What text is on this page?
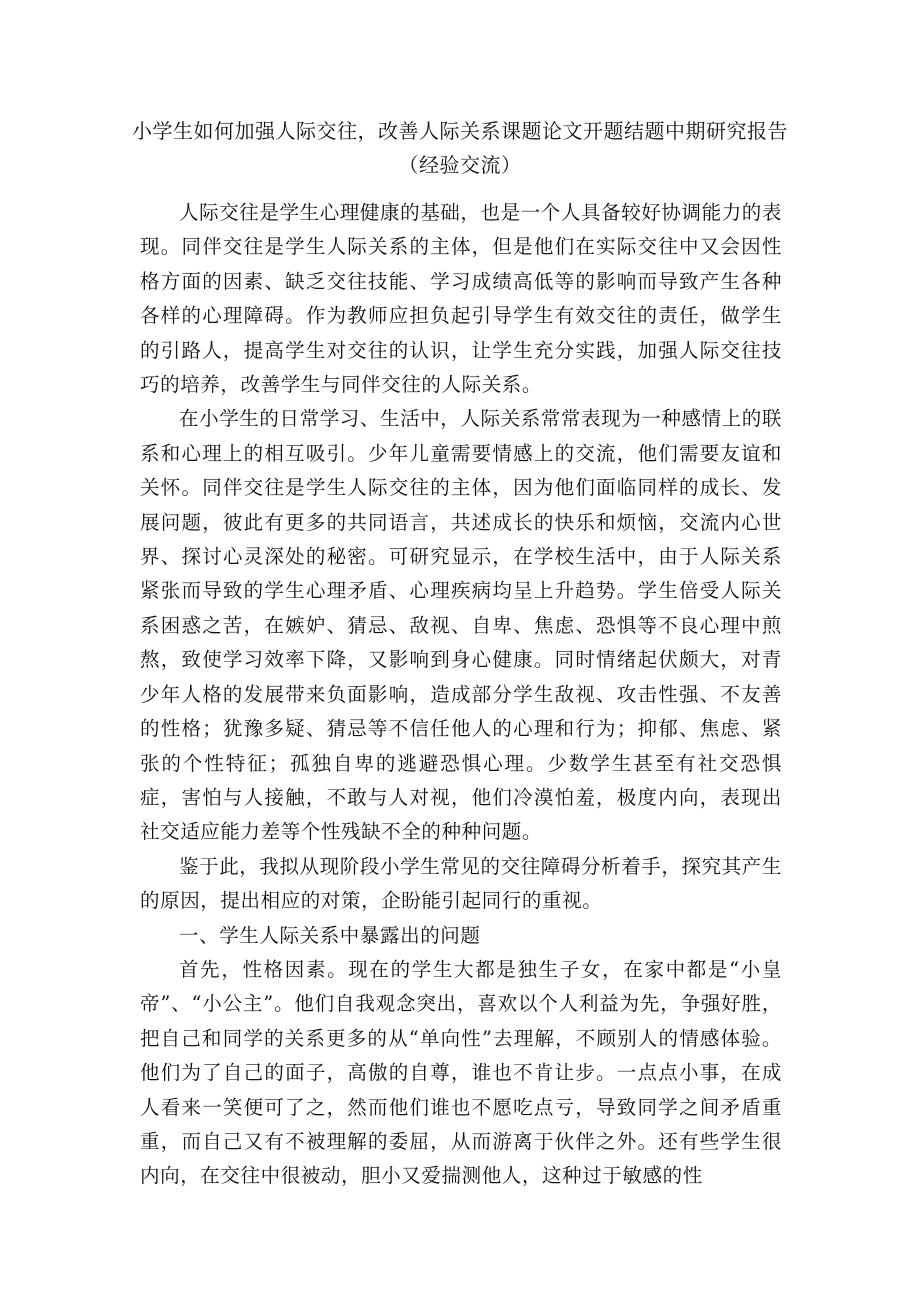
小学生如何加强人际交往，改善人际关系课题论文开题结题中期研究报告（经验交流）

人际交往是学生心理健康的基础，也是一个人具备较好协调能力的表现。同伴交往是学生人际关系的主体，但是他们在实际交往中又会因性格方面的因素、缺乏交往技能、学习成绩高低等的影响而导致产生各种各样的心理障碍。作为教师应担负起引导学生有效交往的责任，做学生的引路人，提高学生对交往的认识，让学生充分实践，加强人际交往技巧的培养，改善学生与同伴交往的人际关系。

在小学生的日常学习、生活中，人际关系常常表现为一种感情上的联系和心理上的相互吸引。少年儿童需要情感上的交流，他们需要友谊和关怀。同伴交往是学生人际交往的主体，因为他们面临同样的成长、发展问题，彼此有更多的共同语言，共述成长的快乐和烦恼，交流内心世界、探讨心灵深处的秘密。可研究显示，在学校生活中，由于人际关系紧张而导致的学生心理矛盾、心理疾病均呈上升趋势。学生倍受人际关系困惑之苦，在嫉妒、猜忌、敌视、自卑、焦虑、恐惧等不良心理中煎熬，致使学习效率下降，又影响到身心健康。同时情绪起伏颇大，对青少年人格的发展带来负面影响，造成部分学生敌视、攻击性强、不友善的性格；犹豫多疑、猜忌等不信任他人的心理和行为；抑郁、焦虑、紧张的个性特征；孤独自卑的逃避恐惧心理。少数学生甚至有社交恐惧症，害怕与人接触，不敢与人对视，他们冷漠怕羞，极度内向，表现出社交适应能力差等个性残缺不全的种种问题。

鉴于此，我拟从现阶段小学生常见的交往障碍分析着手，探究其产生的原因，提出相应的对策，企盼能引起同行的重视。

一、学生人际关系中暴露出的问题

首先，性格因素。现在的学生大都是独生子女，在家中都是“小皇帝”、“小公主”。他们自我观念突出，喜欢以个人利益为先，争强好胜，把自己和同学的关系更多的从“单向性”去理解，不顾别人的情感体验。他们为了自己的面子，高傲的自尊，谁也不肯让步。一点点小事，在成人看来一笑便可了之，然而他们谁也不愿吃点亏，导致同学之间矛盾重重，而自己又有不被理解的委屈，从而游离于伙伴之外。还有些学生很内向，在交往中很被动，胆小又爱揣测他人，这种过于敏感的性
